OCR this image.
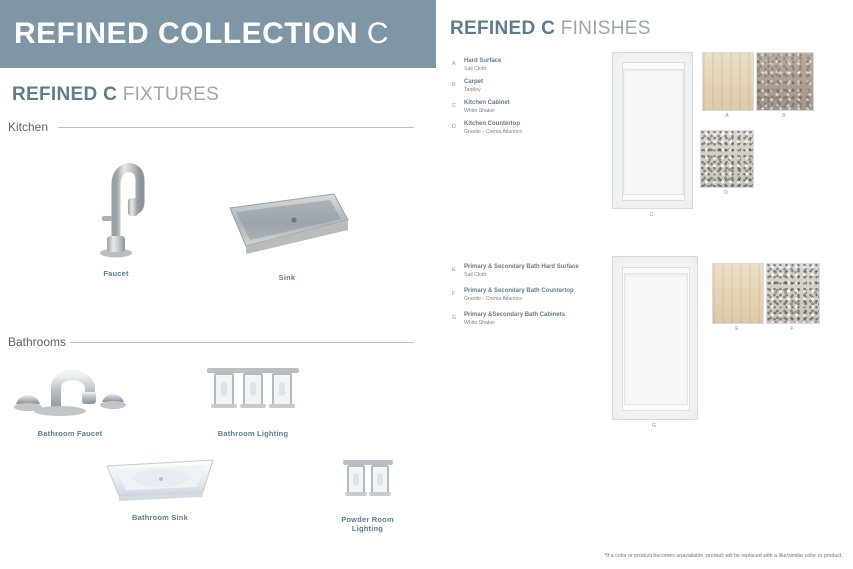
REFINED COLLECTION C
REFINED C FIXTURES
Kitchen
Faucet	Sink
Bathrooms
Bathroom Faucet	Bathroom Lighting
Bathroom Sink	Powder Room Lighting
REFINED C FINISHES
A	Hard Surface
Sail Cloth
B	Carpet
Tarpley
C	Kitchen Cabinet
White Shaker
D	Kitchen Countertop
Granite - Crema Atlantico
C
A	B
D
E	Primary & Secondary Bath Hard Surface
Sail Cloth
F	Primary & Secondary Bath Countertop
Granite - Crema Atlantico
G	Primary &Secondary Bath Cabinets
White Shaker
G
E	F
*If a color or product becomes unavailable, product will be replaced with a like/similar color or product.
